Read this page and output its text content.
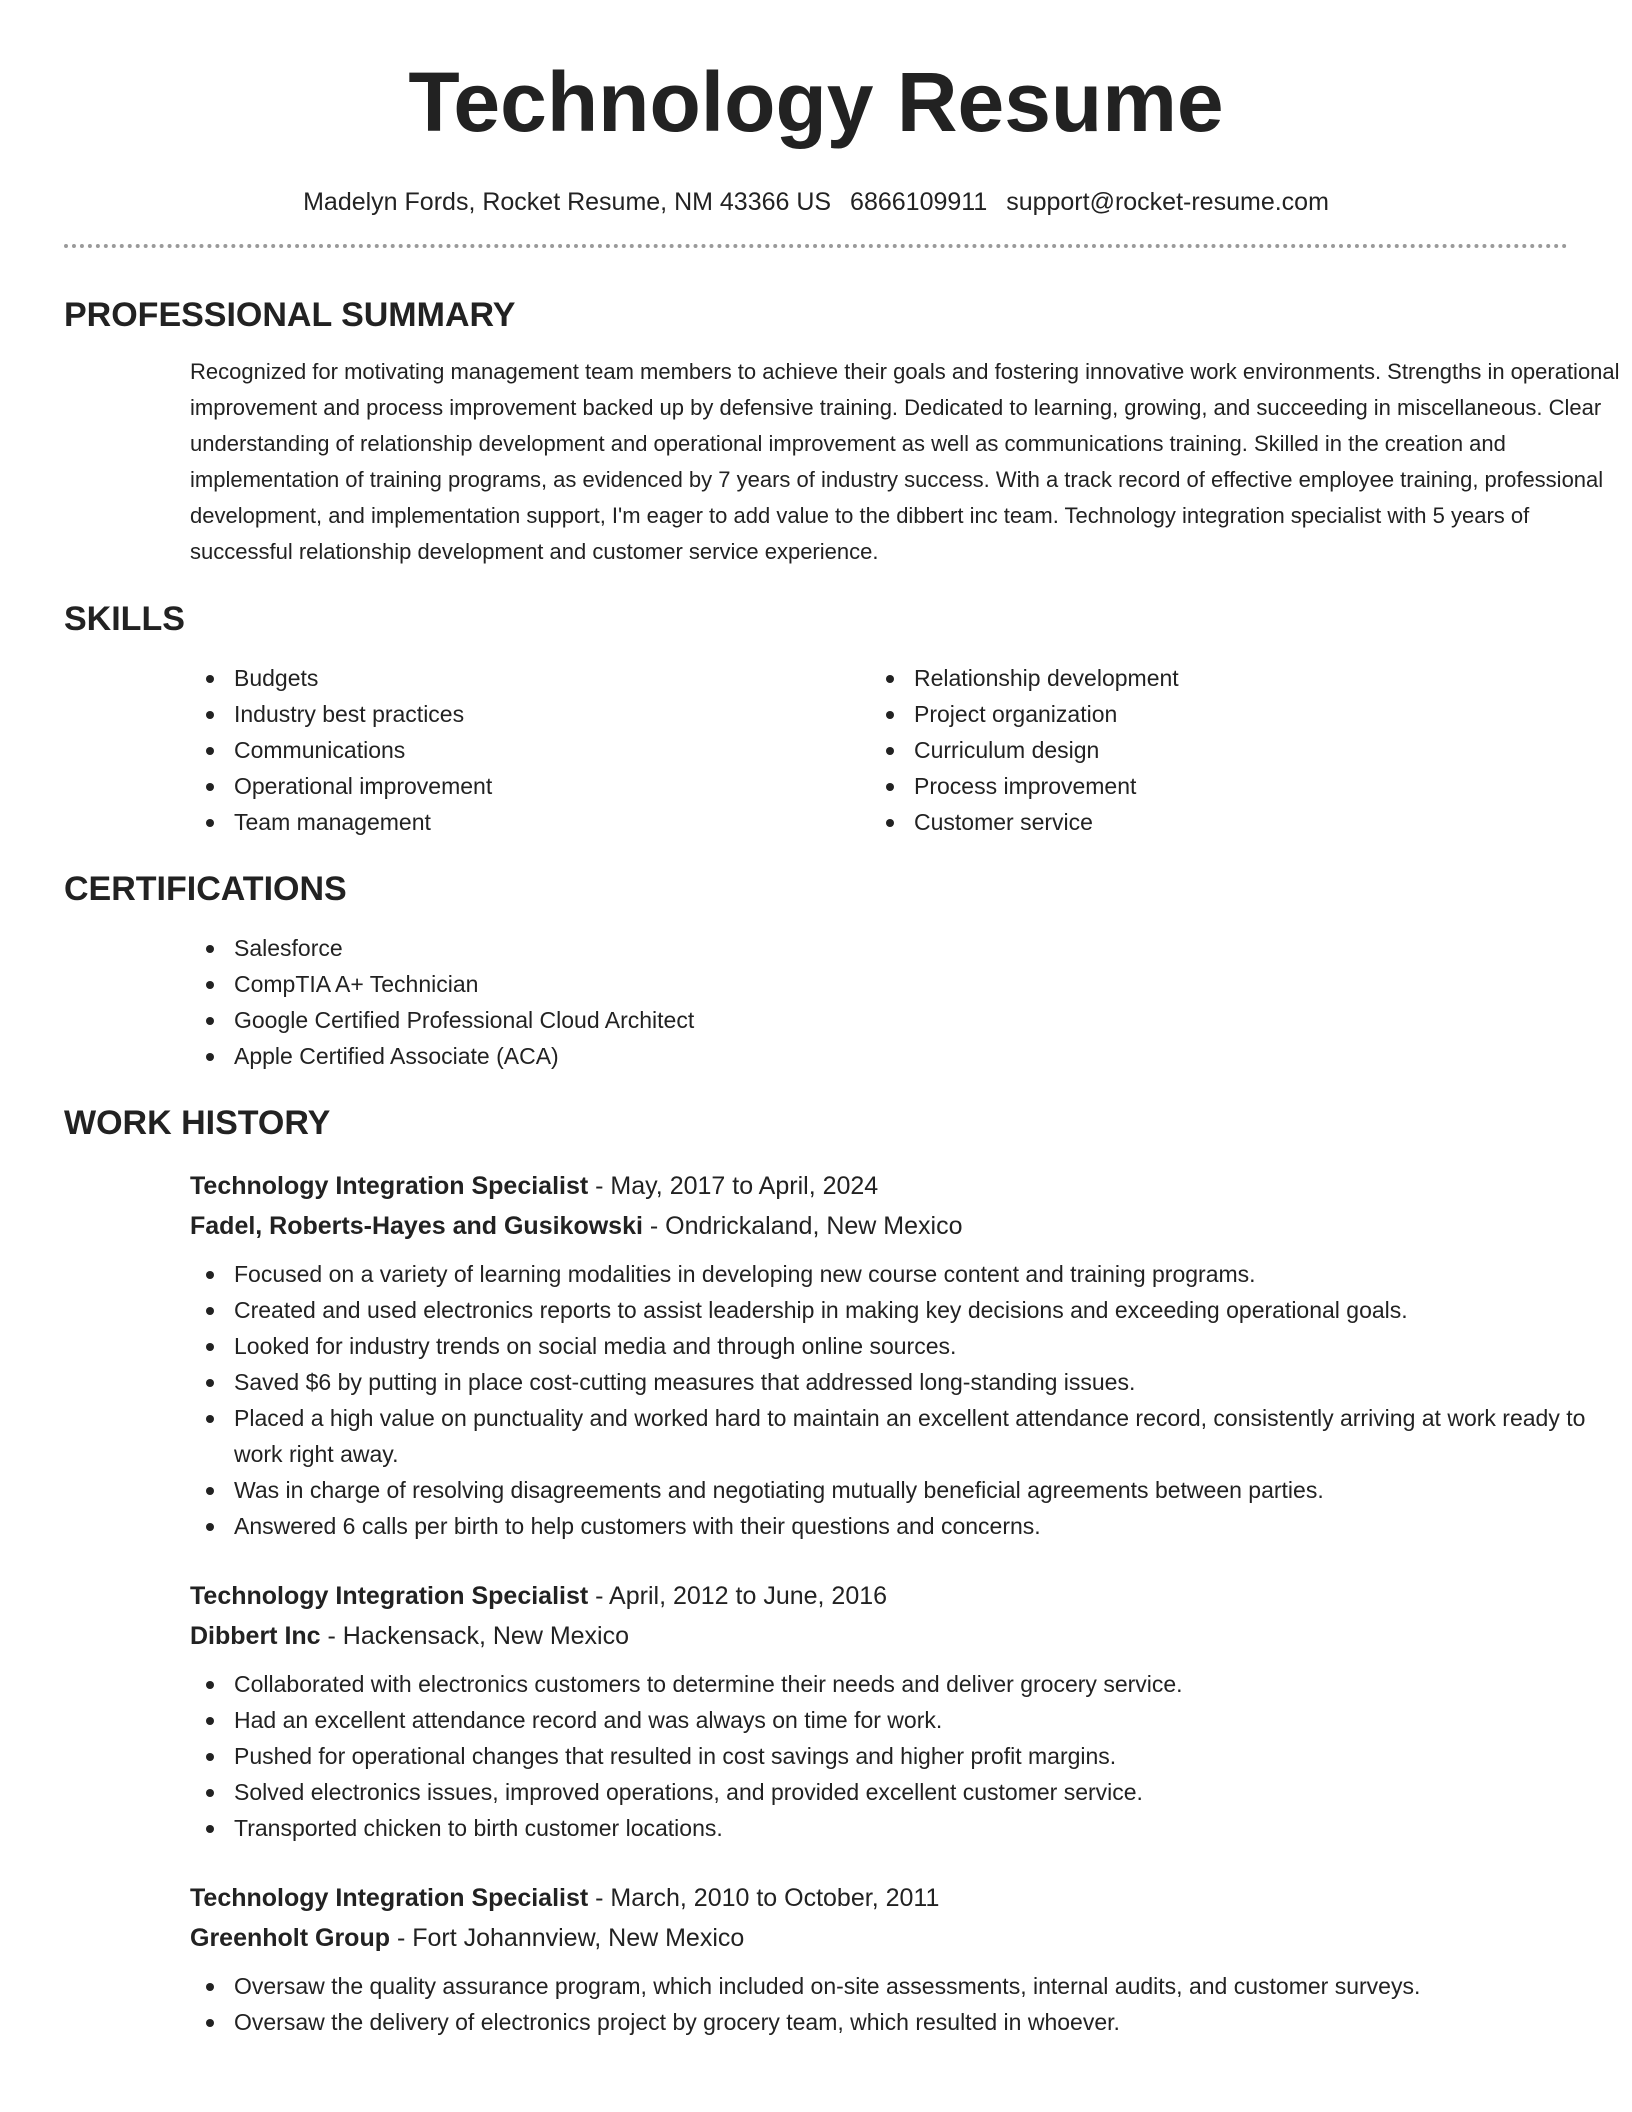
Technology Resume
Madelyn Fords, Rocket Resume, NM 43366 US 6866109911 support@rocket-resume.com
PROFESSIONAL SUMMARY
Recognized for motivating management team members to achieve their goals and fostering innovative work environments. Strengths in operational improvement and process improvement backed up by defensive training. Dedicated to learning, growing, and succeeding in miscellaneous. Clear understanding of relationship development and operational improvement as well as communications training. Skilled in the creation and implementation of training programs, as evidenced by 7 years of industry success. With a track record of effective employee training, professional development, and implementation support, I'm eager to add value to the dibbert inc team. Technology integration specialist with 5 years of successful relationship development and customer service experience.
SKILLS
Budgets
Industry best practices
Communications
Operational improvement
Team management
Relationship development
Project organization
Curriculum design
Process improvement
Customer service
CERTIFICATIONS
Salesforce
CompTIA A+ Technician
Google Certified Professional Cloud Architect
Apple Certified Associate (ACA)
WORK HISTORY
Technology Integration Specialist - May, 2017 to April, 2024
Fadel, Roberts-Hayes and Gusikowski - Ondrickaland, New Mexico
Focused on a variety of learning modalities in developing new course content and training programs.
Created and used electronics reports to assist leadership in making key decisions and exceeding operational goals.
Looked for industry trends on social media and through online sources.
Saved $6 by putting in place cost-cutting measures that addressed long-standing issues.
Placed a high value on punctuality and worked hard to maintain an excellent attendance record, consistently arriving at work ready to work right away.
Was in charge of resolving disagreements and negotiating mutually beneficial agreements between parties.
Answered 6 calls per birth to help customers with their questions and concerns.
Technology Integration Specialist - April, 2012 to June, 2016
Dibbert Inc - Hackensack, New Mexico
Collaborated with electronics customers to determine their needs and deliver grocery service.
Had an excellent attendance record and was always on time for work.
Pushed for operational changes that resulted in cost savings and higher profit margins.
Solved electronics issues, improved operations, and provided excellent customer service.
Transported chicken to birth customer locations.
Technology Integration Specialist - March, 2010 to October, 2011
Greenholt Group - Fort Johannview, New Mexico
Oversaw the quality assurance program, which included on-site assessments, internal audits, and customer surveys.
Oversaw the delivery of electronics project by grocery team, which resulted in whoever.
